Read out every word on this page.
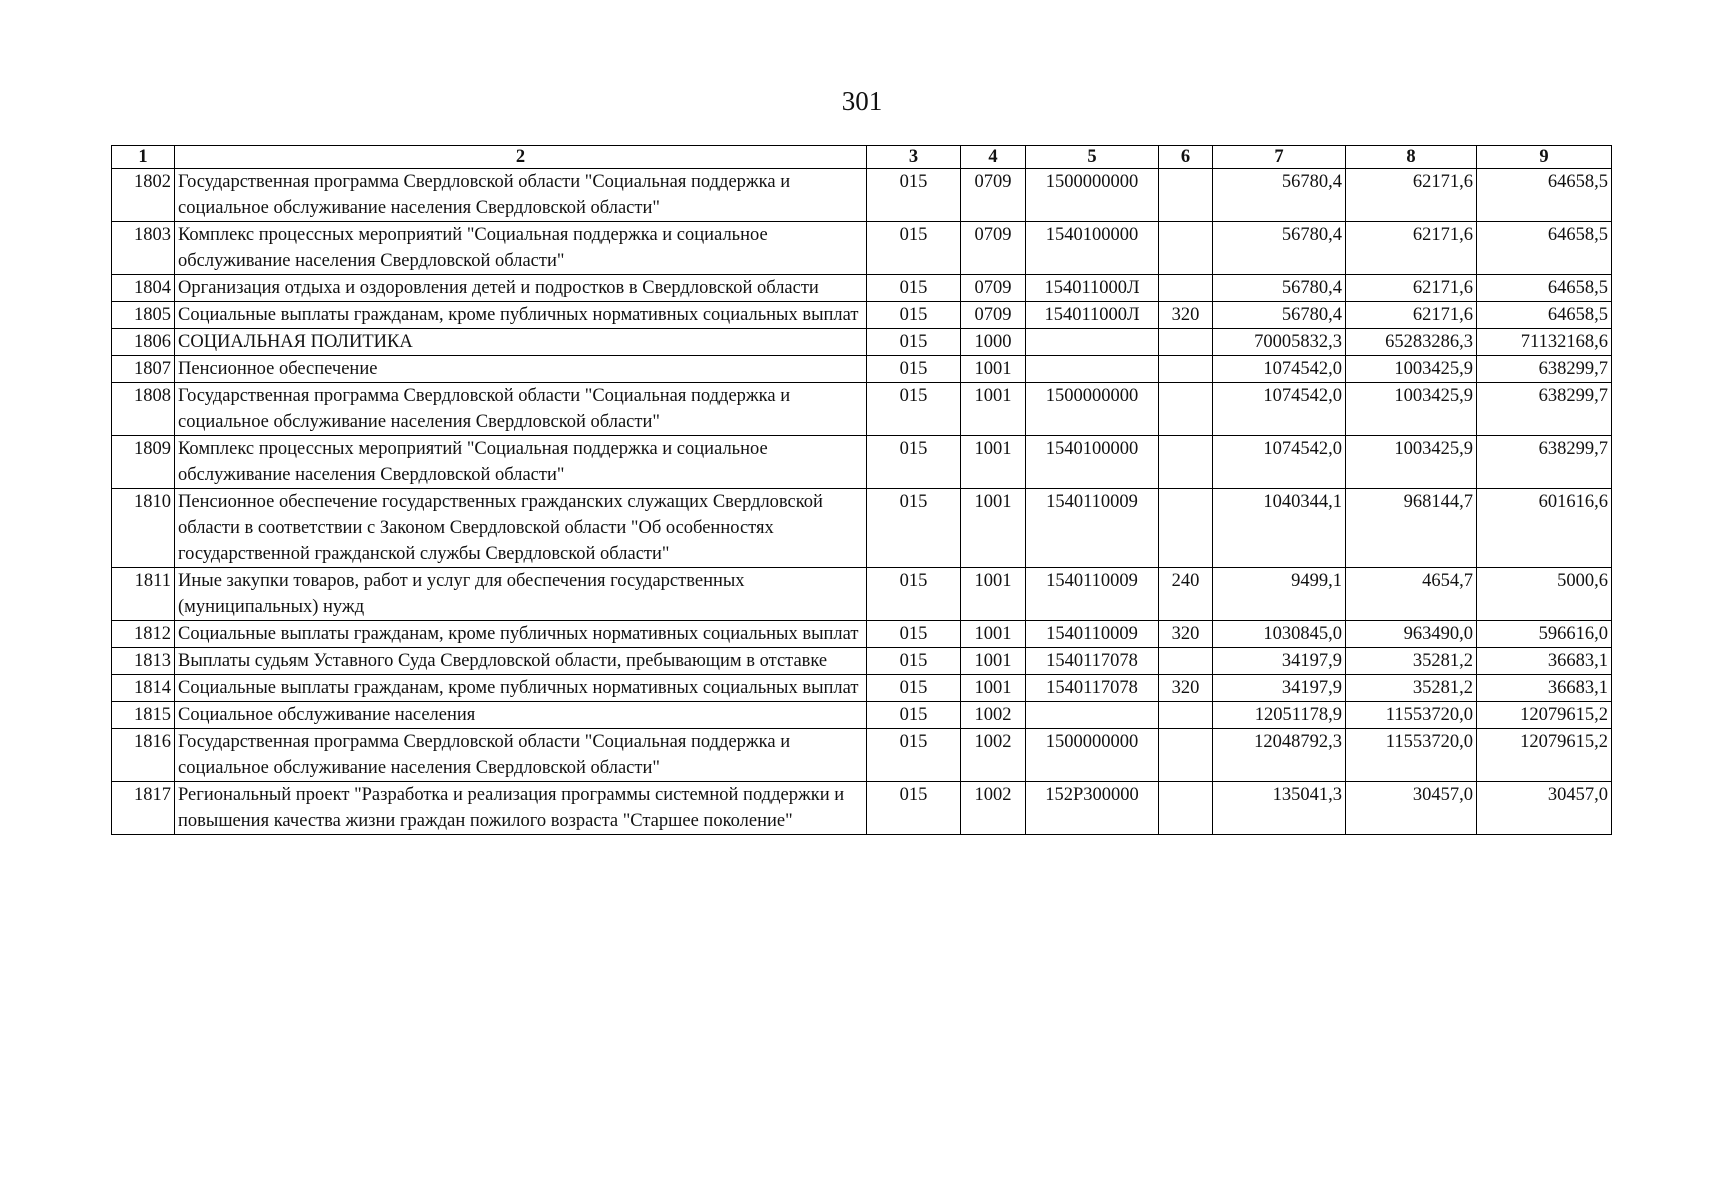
301
1	2	3	4	5	6	7	8	9
1802	Государственная программа Свердловской области "Социальная поддержка и социальное обслуживание населения Свердловской области"	015	0709	1500000000		56780,4	62171,6	64658,5
1803	Комплекс процессных мероприятий "Социальная поддержка и социальное обслуживание населения Свердловской области"	015	0709	1540100000		56780,4	62171,6	64658,5
1804	Организация отдыха и оздоровления детей и подростков в Свердловской области	015	0709	154011000Л		56780,4	62171,6	64658,5
1805	Социальные выплаты гражданам, кроме публичных нормативных социальных выплат	015	0709	154011000Л	320	56780,4	62171,6	64658,5
1806	СОЦИАЛЬНАЯ ПОЛИТИКА	015	1000			70005832,3	65283286,3	71132168,6
1807	Пенсионное обеспечение	015	1001			1074542,0	1003425,9	638299,7
1808	Государственная программа Свердловской области "Социальная поддержка и социальное обслуживание населения Свердловской области"	015	1001	1500000000		1074542,0	1003425,9	638299,7
1809	Комплекс процессных мероприятий "Социальная поддержка и социальное обслуживание населения Свердловской области"	015	1001	1540100000		1074542,0	1003425,9	638299,7
1810	Пенсионное обеспечение государственных гражданских служащих Свердловской области в соответствии с Законом Свердловской области "Об особенностях государственной гражданской службы Свердловской области"	015	1001	1540110009		1040344,1	968144,7	601616,6
1811	Иные закупки товаров, работ и услуг для обеспечения государственных (муниципальных) нужд	015	1001	1540110009	240	9499,1	4654,7	5000,6
1812	Социальные выплаты гражданам, кроме публичных нормативных социальных выплат	015	1001	1540110009	320	1030845,0	963490,0	596616,0
1813	Выплаты судьям Уставного Суда Свердловской области, пребывающим в отставке	015	1001	1540117078		34197,9	35281,2	36683,1
1814	Социальные выплаты гражданам, кроме публичных нормативных социальных выплат	015	1001	1540117078	320	34197,9	35281,2	36683,1
1815	Социальное обслуживание населения	015	1002			12051178,9	11553720,0	12079615,2
1816	Государственная программа Свердловской области "Социальная поддержка и социальное обслуживание населения Свердловской области"	015	1002	1500000000		12048792,3	11553720,0	12079615,2
1817	Региональный проект "Разработка и реализация программы системной поддержки и повышения качества жизни граждан пожилого возраста "Старшее поколение"	015	1002	152P300000		135041,3	30457,0	30457,0
